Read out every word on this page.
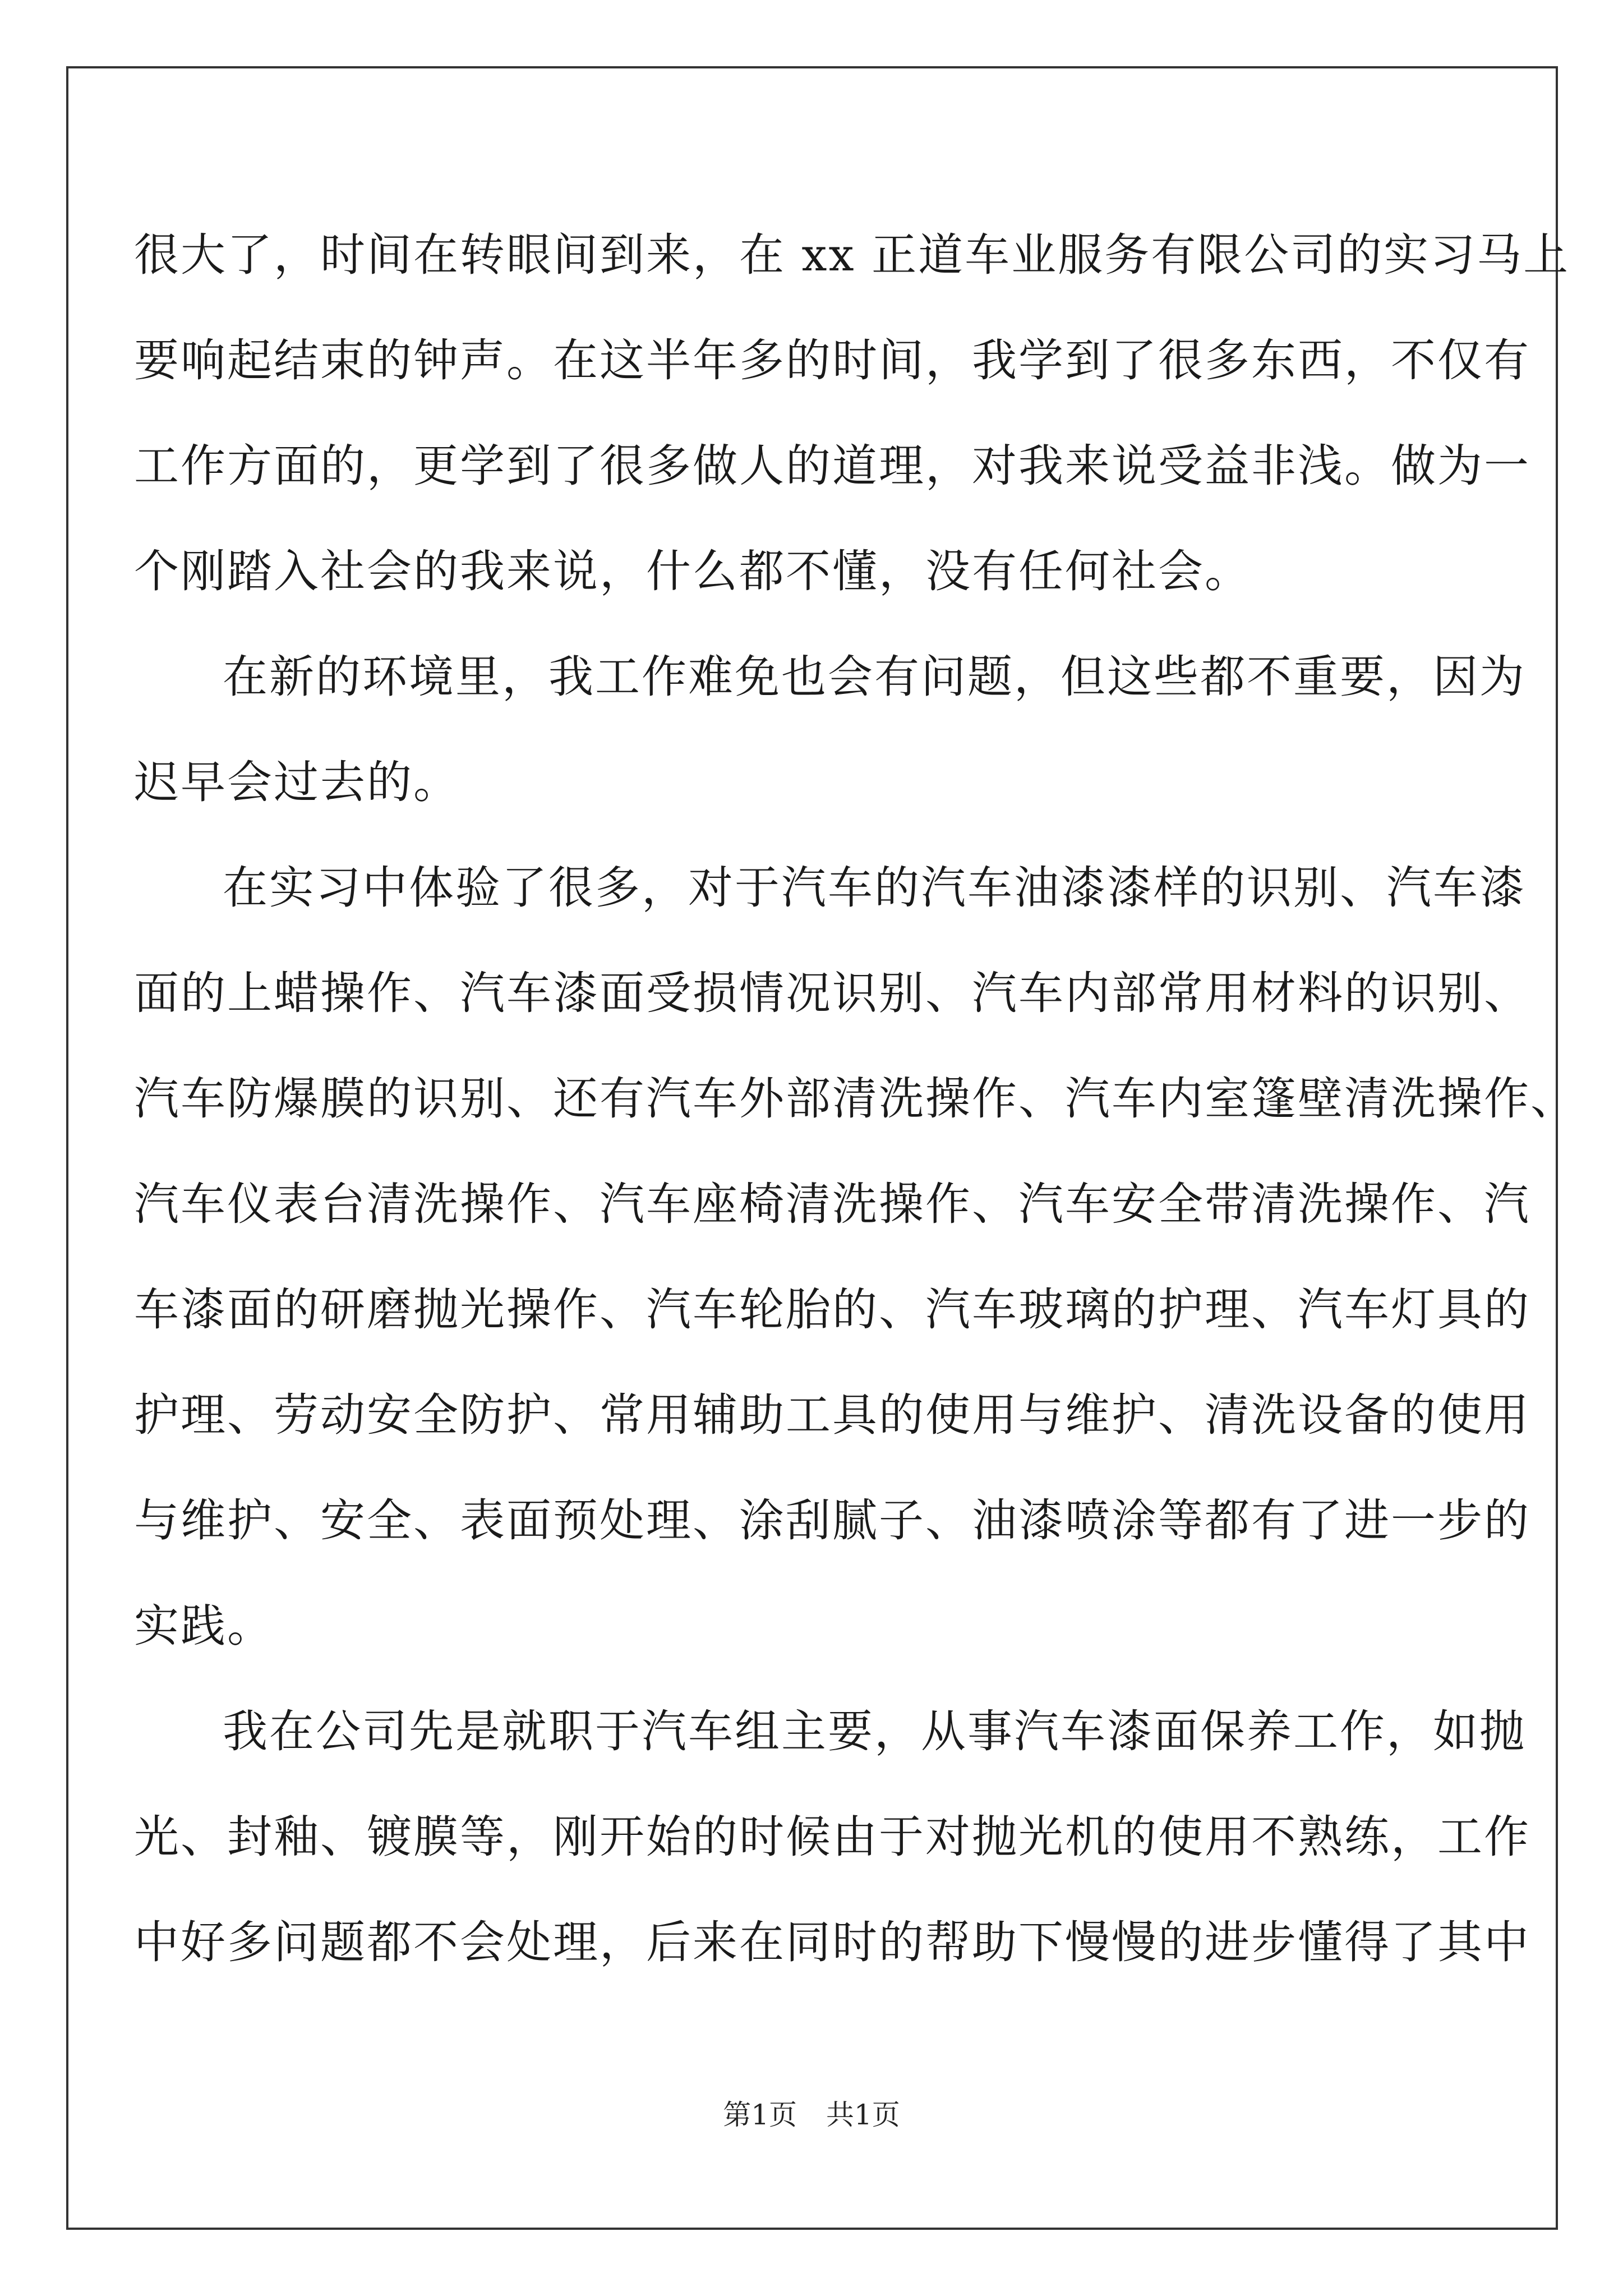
很大了，时间在转眼间到来，在 xx 正道车业服务有限公司的实习马上
要响起结束的钟声。在这半年多的时间，我学到了很多东西，不仅有
工作方面的，更学到了很多做人的道理，对我来说受益非浅。做为一
个刚踏入社会的我来说，什么都不懂，没有任何社会。
在新的环境里，我工作难免也会有问题，但这些都不重要，因为
迟早会过去的。
在实习中体验了很多，对于汽车的汽车油漆漆样的识别、汽车漆
面的上蜡操作、汽车漆面受损情况识别、汽车内部常用材料的识别、
汽车防爆膜的识别、还有汽车外部清洗操作、汽车内室篷壁清洗操作、
汽车仪表台清洗操作、汽车座椅清洗操作、汽车安全带清洗操作、汽
车漆面的研磨抛光操作、汽车轮胎的、汽车玻璃的护理、汽车灯具的
护理、劳动安全防护、常用辅助工具的使用与维护、清洗设备的使用
与维护、安全、表面预处理、涂刮腻子、油漆喷涂等都有了进一步的
实践。
我在公司先是就职于汽车组主要，从事汽车漆面保养工作，如抛
光、封釉、镀膜等，刚开始的时候由于对抛光机的使用不熟练，工作
中好多问题都不会处理，后来在同时的帮助下慢慢的进步懂得了其中
第1页 共1页
